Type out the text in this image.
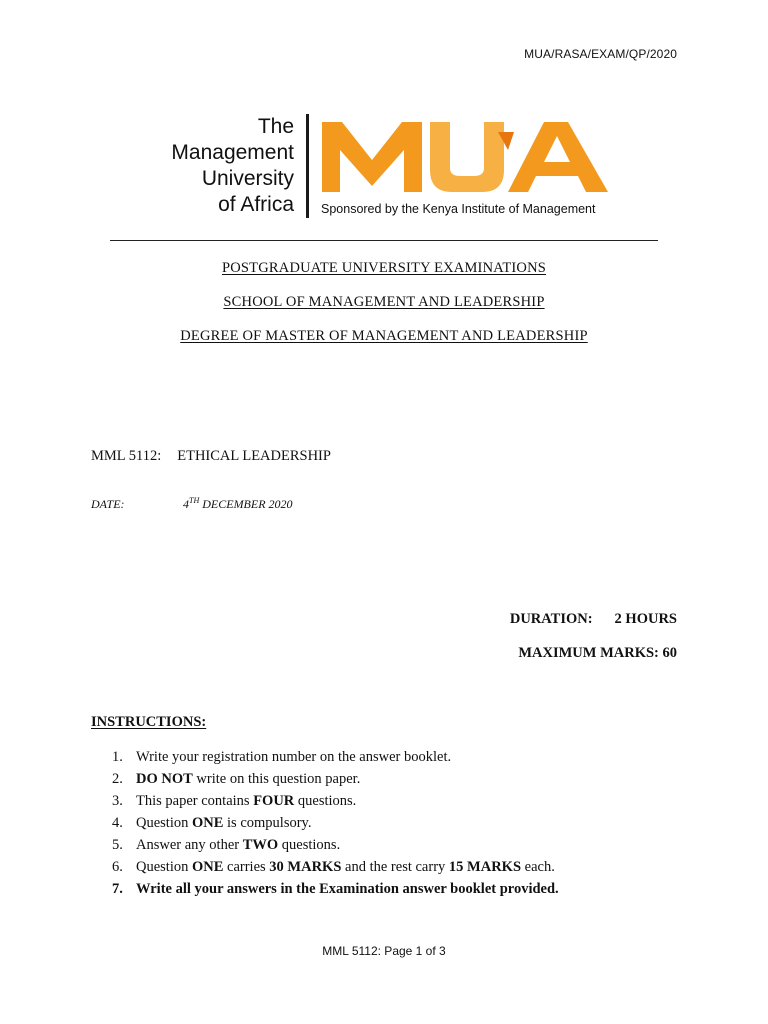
MUA/RASA/EXAM/QP/2020
The
Management
University
of Africa Sponsored by the Kenya Institute of Management
POSTGRADUATE UNIVERSITY EXAMINATIONS
SCHOOL OF MANAGEMENT AND LEADERSHIP
DEGREE OF MASTER OF MANAGEMENT AND LEADERSHIP
MML 5112: ETHICAL LEADERSHIP
DATE:	4TH DECEMBER 2020
DURATION: 2 HOURS
MAXIMUM MARKS: 60
INSTRUCTIONS:
1. Write your registration number on the answer booklet.
2. DO NOT write on this question paper.
3. This paper contains FOUR questions.
4. Question ONE is compulsory.
5. Answer any other TWO questions.
6. Question ONE carries 30 MARKS and the rest carry 15 MARKS each.
7. Write all your answers in the Examination answer booklet provided.
MML 5112: Page 1 of 3
